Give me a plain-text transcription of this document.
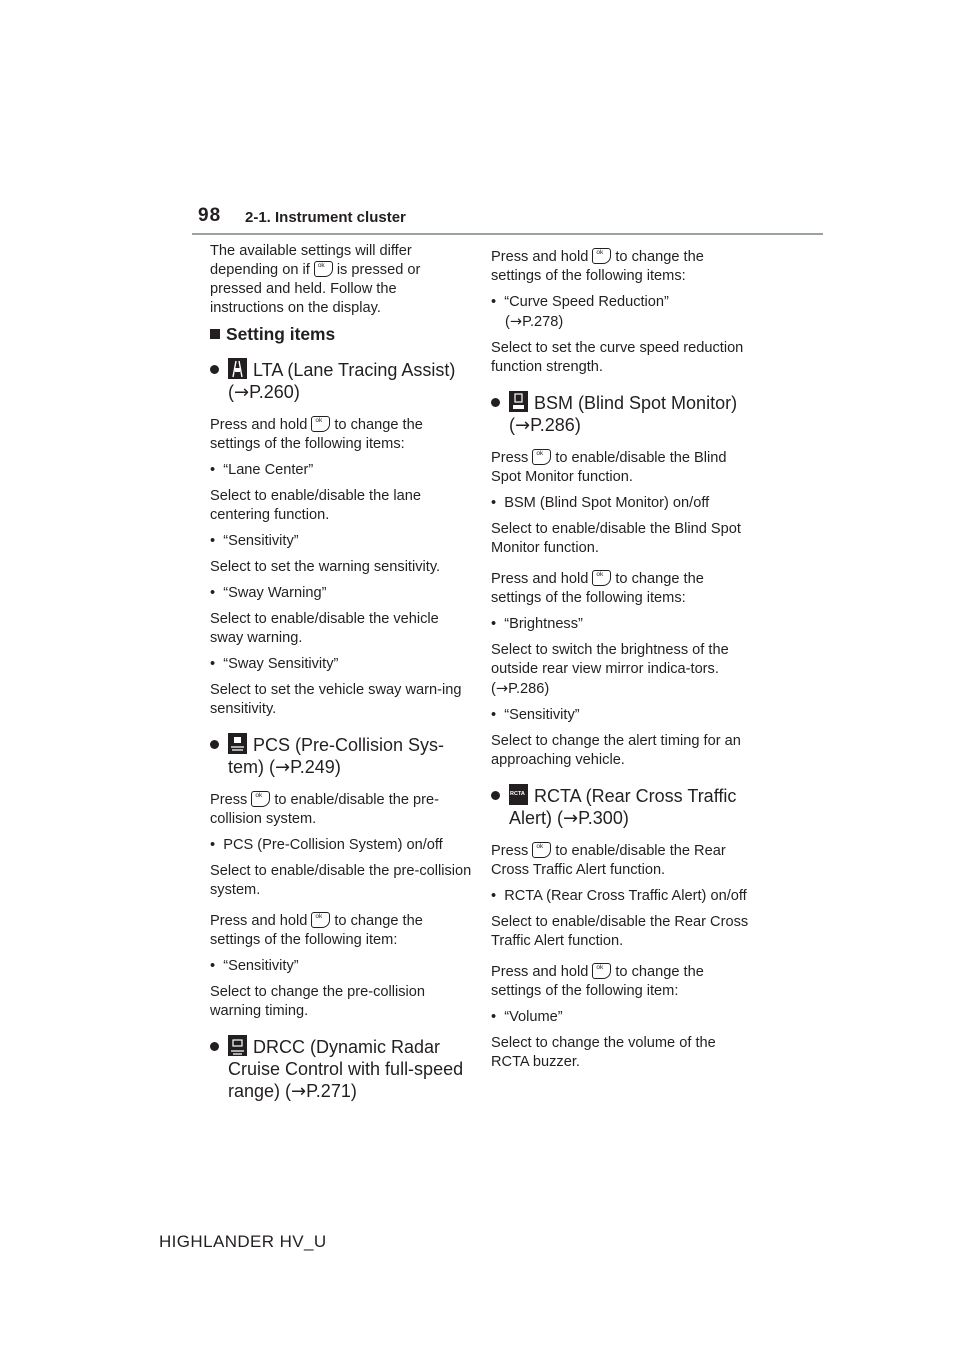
98 2-1. Instrument cluster

The available settings will differ depending on if ok is pressed or pressed and held. Follow the instructions on the display.

Setting items
LTA (Lane Tracing Assist)
(→P.260)

Press and hold ok to change the settings of the following items:

•  “Lane Center”

Select to enable/disable the lane centering function.

•  “Sensitivity”

Select to set the warning sensitivity.

•  “Sway Warning”

Select to enable/disable the vehicle sway warning.

•  “Sway Sensitivity”

Select to set the vehicle sway warn-ing sensitivity.

PCS (Pre-Collision Sys-tem) (→P.249)

Press ok to enable/disable the pre-collision system.

•  PCS (Pre-Collision System) on/off

Select to enable/disable the pre-collision system.

Press and hold ok to change the settings of the following item:

•  “Sensitivity”

Select to change the pre-collision warning timing.

DRCC (Dynamic Radar Cruise Control with full-speed range) (→P.271)

Press and hold ok to change the settings of the following items:

•  “Curve Speed Reduction”
(→P.278)

Select to set the curve speed reduction function strength.

BSM (Blind Spot Monitor)
(→P.286)

Press ok to enable/disable the Blind Spot Monitor function.

•  BSM (Blind Spot Monitor) on/off

Select to enable/disable the Blind Spot Monitor function.

Press and hold ok to change the settings of the following items:

•  “Brightness”

Select to switch the brightness of the outside rear view mirror indica-tors. (→P.286)

•  “Sensitivity”

Select to change the alert timing for an approaching vehicle.

RCTA RCTA (Rear Cross Traffic Alert) (→P.300)

Press ok to enable/disable the Rear Cross Traffic Alert function.

•  RCTA (Rear Cross Traffic Alert) on/off

Select to enable/disable the Rear Cross Traffic Alert function.

Press and hold ok to change the settings of the following item:

•  “Volume”

Select to change the volume of the RCTA buzzer.

HIGHLANDER HV_U
